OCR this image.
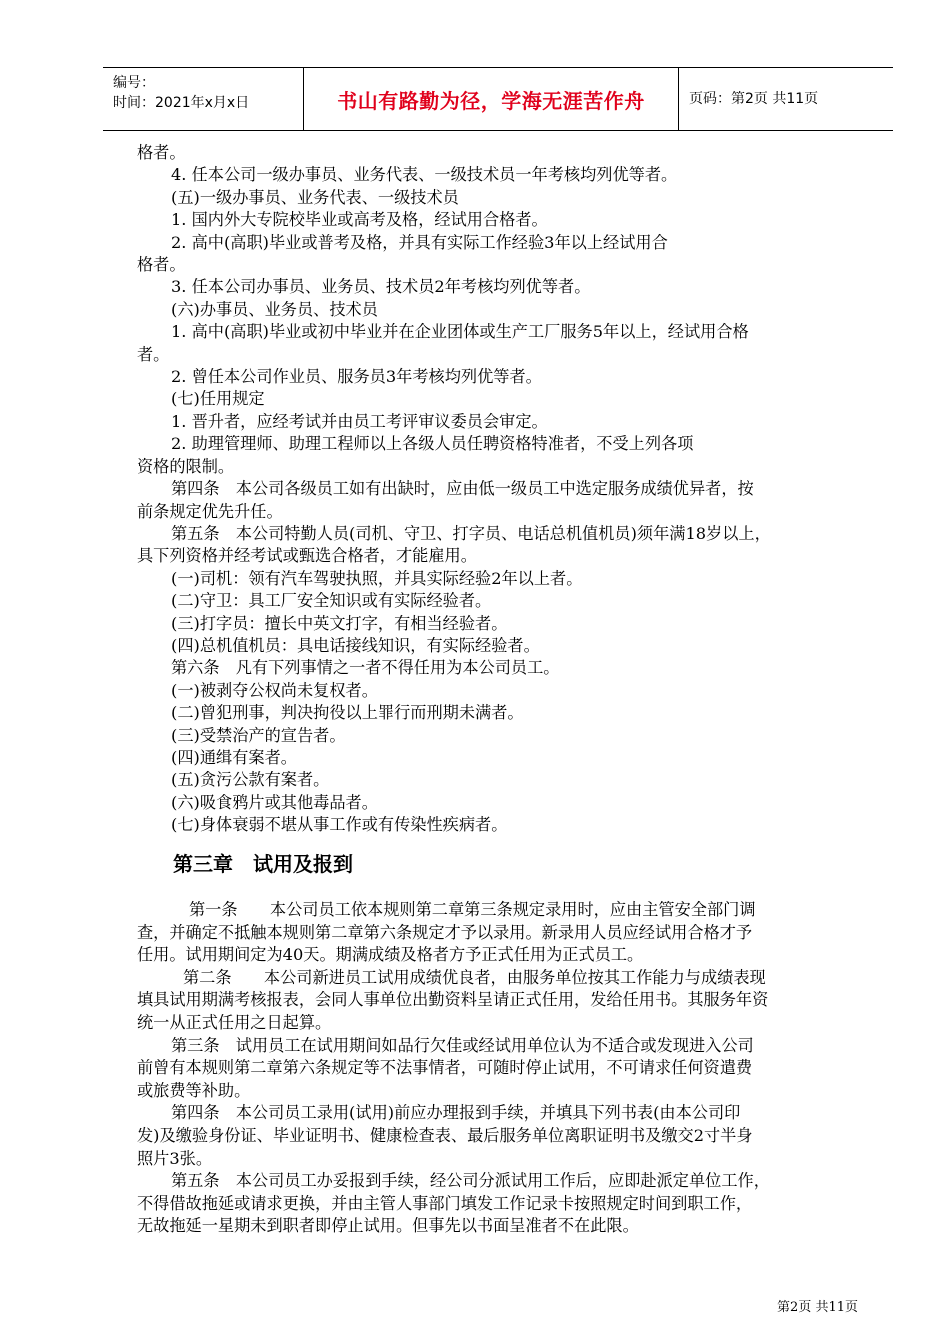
编号：
时间：2021年x月x日	书山有路勤为径，学海无涯苦作舟	页码：第2页 共11页
格者。
4. 任本公司一级办事员、业务代表、一级技术员一年考核均列优等者。
(五)一级办事员、业务代表、一级技术员
1. 国内外大专院校毕业或高考及格，经试用合格者。
2. 高中(高职)毕业或普考及格，并具有实际工作经验3年以上经试用合
格者。
3. 任本公司办事员、业务员、技术员2年考核均列优等者。
(六)办事员、业务员、技术员
1. 高中(高职)毕业或初中毕业并在企业团体或生产工厂服务5年以上，经试用合格
者。
2. 曾任本公司作业员、服务员3年考核均列优等者。
(七)任用规定
1. 晋升者，应经考试并由员工考评审议委员会审定。
2. 助理管理师、助理工程师以上各级人员任聘资格特准者，不受上列各项
资格的限制。
第四条　本公司各级员工如有出缺时，应由低一级员工中选定服务成绩优异者，按
前条规定优先升任。
第五条　本公司特勤人员(司机、守卫、打字员、电话总机值机员)须年满18岁以上，
具下列资格并经考试或甄选合格者，才能雇用。
(一)司机：领有汽车驾驶执照，并具实际经验2年以上者。
(二)守卫：具工厂安全知识或有实际经验者。
(三)打字员：擅长中英文打字，有相当经验者。
(四)总机值机员：具电话接线知识，有实际经验者。
第六条　凡有下列事情之一者不得任用为本公司员工。
(一)被剥夺公权尚未复权者。
(二)曾犯刑事，判决拘役以上罪行而刑期未满者。
(三)受禁治产的宣告者。
(四)通缉有案者。
(五)贪污公款有案者。
(六)吸食鸦片或其他毒品者。
(七)身体衰弱不堪从事工作或有传染性疾病者。
第三章　试用及报到
第一条　　本公司员工依本规则第二章第三条规定录用时，应由主管安全部门调
查，并确定不抵触本规则第二章第六条规定才予以录用。新录用人员应经试用合格才予
任用。试用期间定为40天。期满成绩及格者方予正式任用为正式员工。
第二条　　本公司新进员工试用成绩优良者，由服务单位按其工作能力与成绩表现
填具试用期满考核报表，会同人事单位出勤资料呈请正式任用，发给任用书。其服务年资
统一从正式任用之日起算。
第三条　试用员工在试用期间如品行欠佳或经试用单位认为不适合或发现进入公司
前曾有本规则第二章第六条规定等不法事情者，可随时停止试用，不可请求任何资遣费
或旅费等补助。
第四条　本公司员工录用(试用)前应办理报到手续，并填具下列书表(由本公司印
发)及缴验身份证、毕业证明书、健康检查表、最后服务单位离职证明书及缴交2寸半身
照片3张。
第五条　本公司员工办妥报到手续，经公司分派试用工作后，应即赴派定单位工作，
不得借故拖延或请求更换，并由主管人事部门填发工作记录卡按照规定时间到职工作，
无故拖延一星期未到职者即停止试用。但事先以书面呈准者不在此限。
第2页 共11页
